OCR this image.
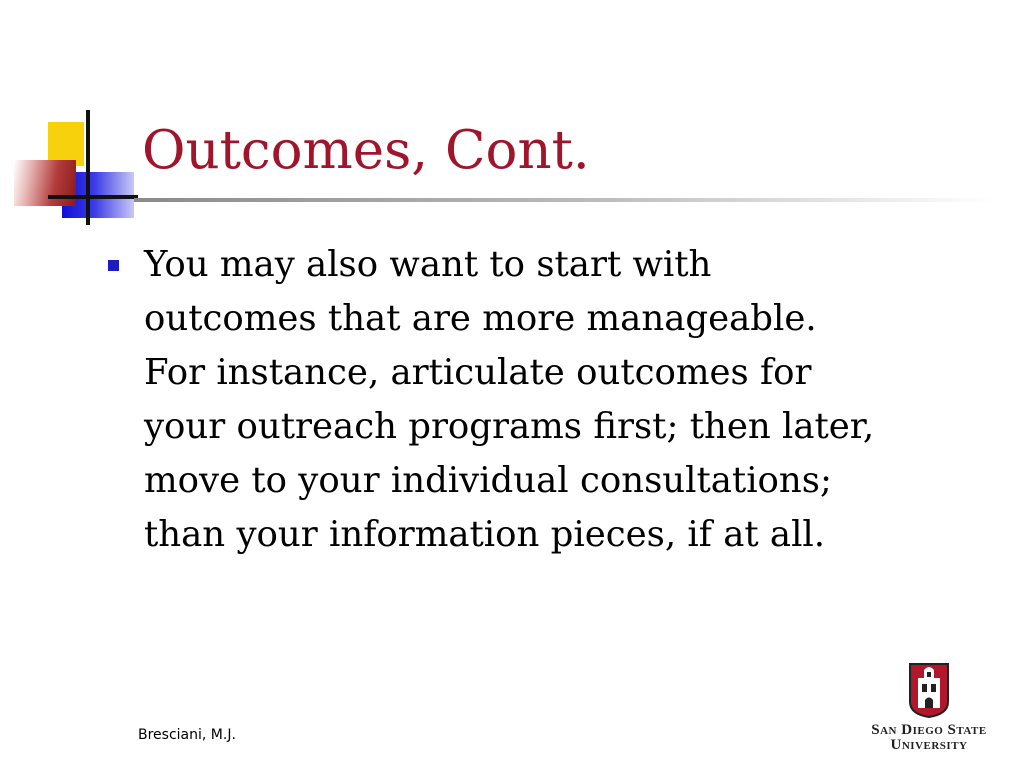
Outcomes, Cont.

You may also want to start with
outcomes that are more manageable.
For instance, articulate outcomes for
your outreach programs first; then later,
move to your individual consultations;
than your information pieces, if at all.

Bresciani, M.J.	San Diego State
University
